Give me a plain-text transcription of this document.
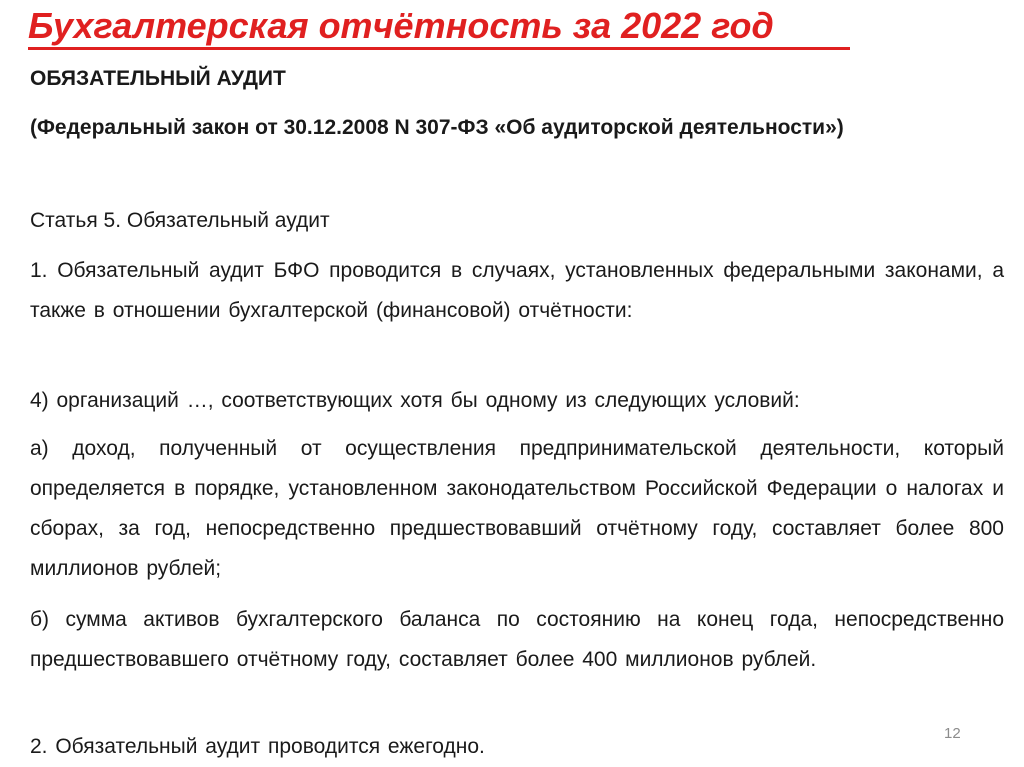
Бухгалтерская отчётность за 2022 год
ОБЯЗАТЕЛЬНЫЙ АУДИТ
(Федеральный закон от 30.12.2008 N 307-ФЗ «Об аудиторской деятельности»)
Статья 5. Обязательный аудит
1. Обязательный аудит БФО проводится в случаях, установленных федеральными законами, а также в отношении бухгалтерской (финансовой) отчётности:
4) организаций …, соответствующих хотя бы одному из следующих условий:
а) доход, полученный от осуществления предпринимательской деятельности, который определяется в порядке, установленном законодательством Российской Федерации о налогах и сборах, за год, непосредственно предшествовавший отчётному году, составляет более 800 миллионов рублей;
б) сумма активов бухгалтерского баланса по состоянию на конец года, непосредственно предшествовавшего отчётному году, составляет более 400 миллионов рублей.
2. Обязательный аудит проводится ежегодно.
12
